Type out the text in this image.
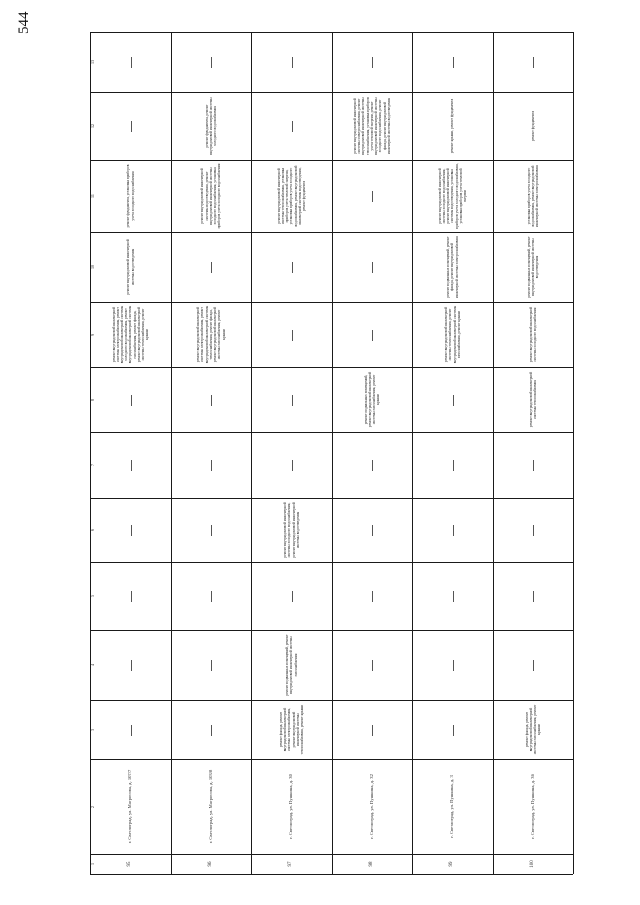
544
95
г. Светлоград, ул. Матросова, д. 107/7
ремонт внутридомовой инженерной системы электроснабжения, ремонт внутридомовой инженерной системы холодного водоснабжения, ремонт внутридомовой инженерной системы газоснабжения, ремонт фасада, ремонт внутридомовой инженерной системы теплоснабжения, ремонт крыши
ремонт внутридомовой инженерной системы водоотведения
ремонт фундамента, установка приборов учета холодного водоснабжения
96
г. Светлоград, ул. Матросова, д. 103/8
ремонт внутридомовой инженерной системы электроснабжения, ремонт внутридомовой инженерной системы теплоснабжения, ремонт фасада, ремонт внутридомовой инженерной системы газоснабжения, ремонт крыши
ремонт внутридомовой инженерной системы водоотведения, ремонт внутридомовой инженерной системы холодного водоснабжения, установка приборов учета холодного водоснабжения
ремонт фундамента, ремонт внутридомовой инженерной системы холодного водоснабжения
97
г. Светлоград, ул. Пушкина, д. 30
ремонт фасада, ремонт внутридомовой инженерной системы электроснабжения, ремонт внутридомовой инженерной системы теплоснабжения, ремонт крыши
ремонт подвальных помещений, ремонт внутридомовой инженерной системы газоснабжения
ремонт внутридомовой инженерной системы холодного водоснабжения, ремонт внутридомовой инженерной системы водоотведения
ремонт внутридомовой инженерной системы теплоснабжения, установка приборов учета тепловой энергии, установка приборов учета холодного водоснабжения, ремонт внутридомовой инженерной системы водоотведения, ремонт фундамента
98
г. Светлоград, ул. Пушкина, д. 32
ремонт подвальных помещений, ремонт внутридомовой инженерной системы газоснабжения, ремонт крыши
ремонт внутридомовой инженерной системы электроснабжения, ремонт внутридомовой инженерной системы теплоснабжения, установка приборов учета тепловой энергии, ремонт внутридомовой инженерной системы холодного водоснабжения, ремонт фасада, ремонт внутридомовой инженерной системы водоотведения
99
г. Светлоград, ул. Пушкина, д. 3
ремонт внутридомовой инженерной системы теплоснабжения, ремонт внутридомовой инженерной системы газоснабжения, ремонт крыши
ремонт подвальных помещений, ремонт фасада, ремонт внутридомовой инженерной системы электроснабжения
ремонт внутридомовой инженерной системы холодного водоснабжения, ремонт внутридомовой инженерной системы водоотведения, установка приборов учета холодного водоснабжения, установка приборов учета тепловой энергии
ремонт крыши, ремонт фундамента
100
г. Светлоград, ул. Пушкина, д. 36
ремонт фасада, ремонт внутридомовой инженерной системы газоснабжения, ремонт крыши
ремонт внутридомовой инженерной системы теплоснабжения
ремонт внутридомовой инженерной системы холодного водоснабжения
ремонт подвальных помещений, ремонт внутридомовой инженерной системы водоотведения
установка приборов учета холодного водоснабжения, ремонт внутридомовой инженерной системы электроснабжения
ремонт фундамента
1
2
3
4
5
6
7
8
9
10
11
12
13
